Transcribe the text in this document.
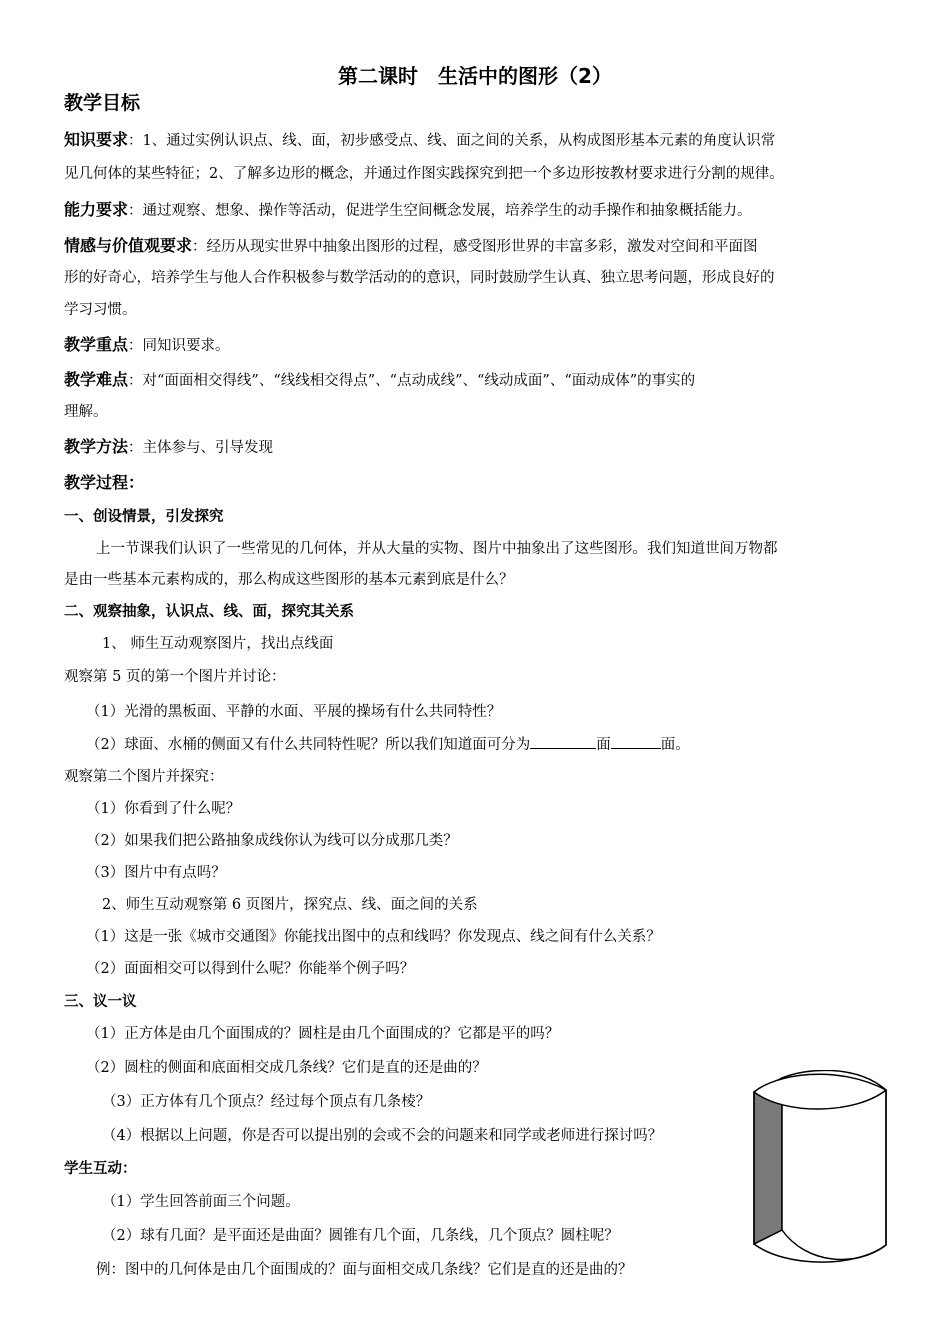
第二课时　生活中的图形（2）
教学目标
知识要求：1、通过实例认识点、线、面，初步感受点、线、面之间的关系，从构成图形基本元素的角度认识常
见几何体的某些特征；2、了解多边形的概念，并通过作图实践探究到把一个多边形按教材要求进行分割的规律。
能力要求：通过观察、想象、操作等活动，促进学生空间概念发展，培养学生的动手操作和抽象概括能力。
情感与价值观要求：经历从现实世界中抽象出图形的过程，感受图形世界的丰富多彩，激发对空间和平面图
形的好奇心，培养学生与他人合作积极参与数学活动的的意识，同时鼓励学生认真、独立思考问题，形成良好的
学习习惯。
教学重点：同知识要求。
教学难点：对“面面相交得线”、“线线相交得点”、“点动成线”、“线动成面”、“面动成体”的事实的
理解。
教学方法：主体参与、引导发现
教学过程：
一、创设情景，引发探究
上一节课我们认识了一些常见的几何体，并从大量的实物、图片中抽象出了这些图形。我们知道世间万物都
是由一些基本元素构成的，那么构成这些图形的基本元素到底是什么？
二、观察抽象，认识点、线、面，探究其关系
1、 师生互动观察图片，找出点线面
观察第 5 页的第一个图片并讨论：
（1）光滑的黑板面、平静的水面、平展的操场有什么共同特性？
（2）球面、水桶的侧面又有什么共同特性呢？所以我们知道面可分为	面	面。
观察第二个图片并探究：
（1）你看到了什么呢？
（2）如果我们把公路抽象成线你认为线可以分成那几类？
（3）图片中有点吗？
2、师生互动观察第 6 页图片，探究点、线、面之间的关系
（1）这是一张《城市交通图》你能找出图中的点和线吗？你发现点、线之间有什么关系？
（2）面面相交可以得到什么呢？你能举个例子吗？
三、议一议
（1）正方体是由几个面围成的？圆柱是由几个面围成的？它都是平的吗？
（2）圆柱的侧面和底面相交成几条线？它们是直的还是曲的？
（3）正方体有几个顶点？经过每个顶点有几条棱？
（4）根据以上问题，你是否可以提出别的会或不会的问题来和同学或老师进行探讨吗？
学生互动：
（1）学生回答前面三个问题。
（2）球有几面？是平面还是曲面？圆锥有几个面，几条线，几个顶点？圆柱呢？
例：图中的几何体是由几个面围成的？面与面相交成几条线？它们是直的还是曲的？
